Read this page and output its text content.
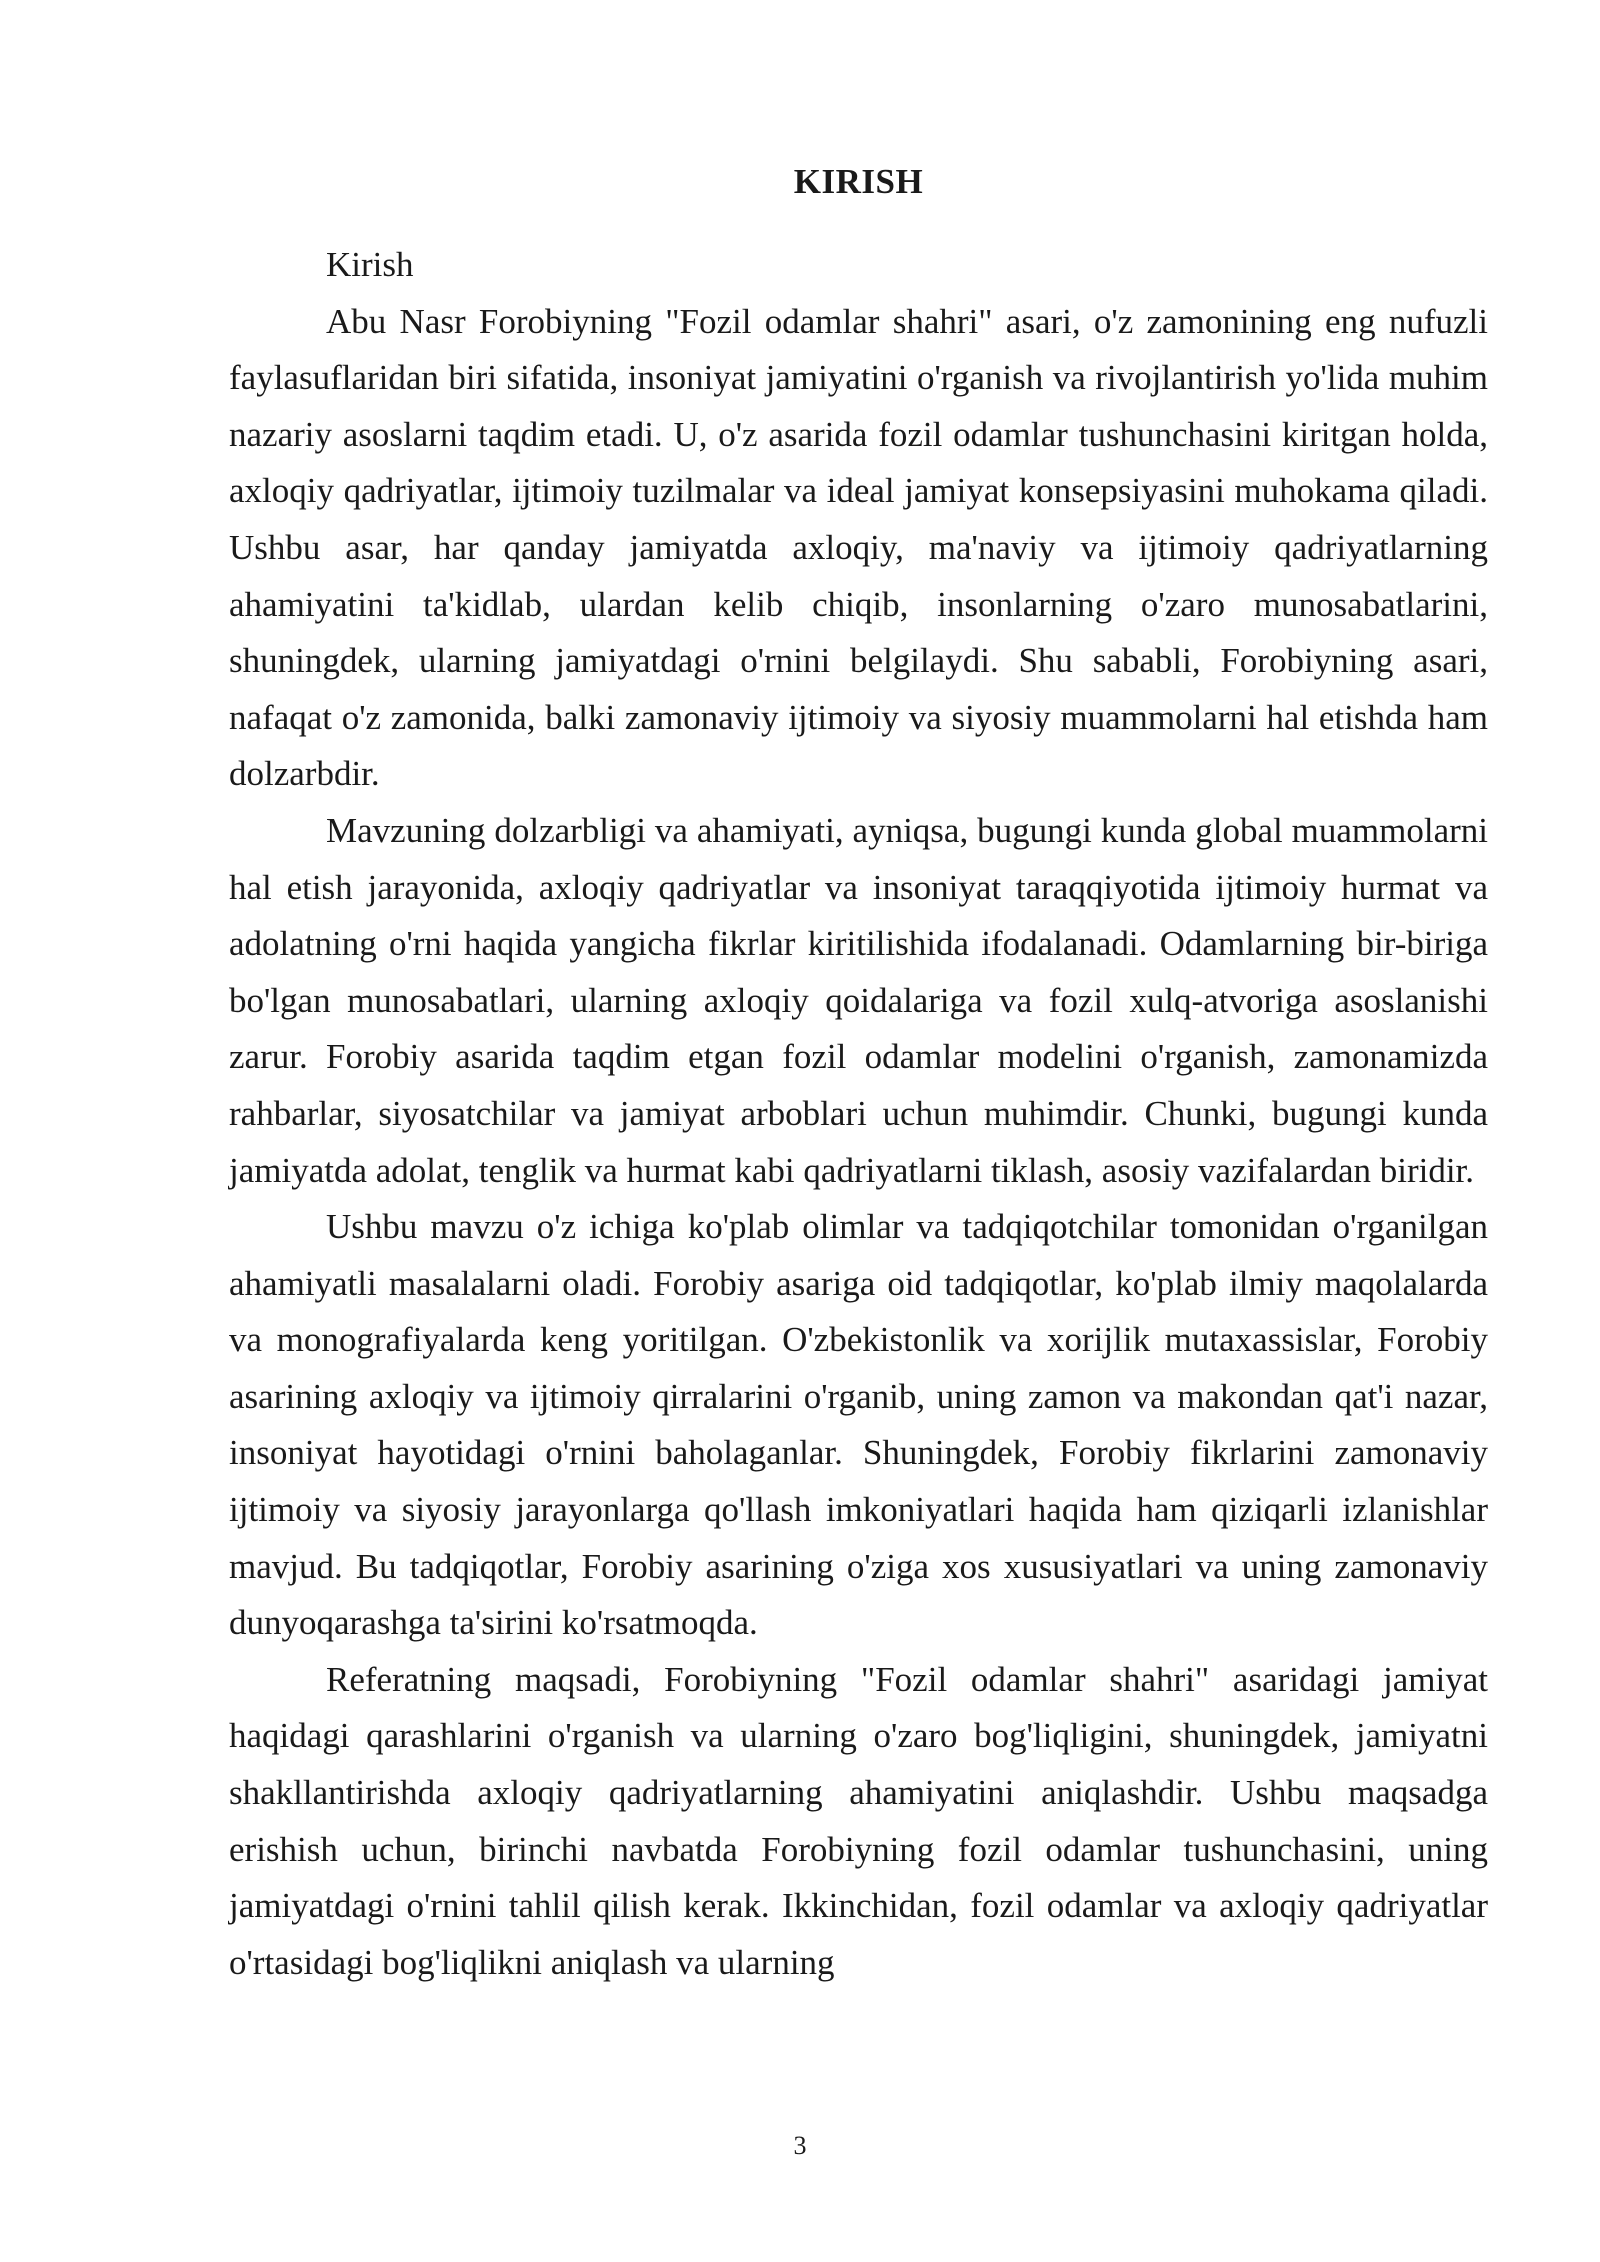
KIRISH

Kirish

Abu Nasr Forobiyning "Fozil odamlar shahri" asari, o'z zamonining eng nufuzli faylasuflaridan biri sifatida, insoniyat jamiyatini o'rganish va rivojlantirish yo'lida muhim nazariy asoslarni taqdim etadi. U, o'z asarida fozil odamlar tushunchasini kiritgan holda, axloqiy qadriyatlar, ijtimoiy tuzilmalar va ideal jamiyat konsepsiyasini muhokama qiladi. Ushbu asar, har qanday jamiyatda axloqiy, ma'naviy va ijtimoiy qadriyatlarning ahamiyatini ta'kidlab, ulardan kelib chiqib, insonlarning o'zaro munosabatlarini, shuningdek, ularning jamiyatdagi o'rnini belgilaydi. Shu sababli, Forobiyning asari, nafaqat o'z zamonida, balki zamonaviy ijtimoiy va siyosiy muammolarni hal etishda ham dolzarbdir.

Mavzuning dolzarbligi va ahamiyati, ayniqsa, bugungi kunda global muammolarni hal etish jarayonida, axloqiy qadriyatlar va insoniyat taraqqiyotida ijtimoiy hurmat va adolatning o'rni haqida yangicha fikrlar kiritilishida ifodalanadi. Odamlarning bir-biriga bo'lgan munosabatlari, ularning axloqiy qoidalariga va fozil xulq-atvoriga asoslanishi zarur. Forobiy asarida taqdim etgan fozil odamlar modelini o'rganish, zamonamizda rahbarlar, siyosatchilar va jamiyat arboblari uchun muhimdir. Chunki, bugungi kunda jamiyatda adolat, tenglik va hurmat kabi qadriyatlarni tiklash, asosiy vazifalardan biridir.

Ushbu mavzu o'z ichiga ko'plab olimlar va tadqiqotchilar tomonidan o'rganilgan ahamiyatli masalalarni oladi. Forobiy asariga oid tadqiqotlar, ko'plab ilmiy maqolalarda va monografiyalarda keng yoritilgan. O'zbekistonlik va xorijlik mutaxassislar, Forobiy asarining axloqiy va ijtimoiy qirralarini o'rganib, uning zamon va makondan qat'i nazar, insoniyat hayotidagi o'rnini baholaganlar. Shuningdek, Forobiy fikrlarini zamonaviy ijtimoiy va siyosiy jarayonlarga qo'llash imkoniyatlari haqida ham qiziqarli izlanishlar mavjud. Bu tadqiqotlar, Forobiy asarining o'ziga xos xususiyatlari va uning zamonaviy dunyoqarashga ta'sirini ko'rsatmoqda.

Referatning maqsadi, Forobiyning "Fozil odamlar shahri" asaridagi jamiyat haqidagi qarashlarini o'rganish va ularning o'zaro bog'liqligini, shuningdek, jamiyatni shakllantirishda axloqiy qadriyatlarning ahamiyatini aniqlashdir. Ushbu maqsadga erishish uchun, birinchi navbatda Forobiyning fozil odamlar tushunchasini, uning jamiyatdagi o'rnini tahlil qilish kerak. Ikkinchidan, fozil odamlar va axloqiy qadriyatlar o'rtasidagi bog'liqlikni aniqlash va ularning

3
